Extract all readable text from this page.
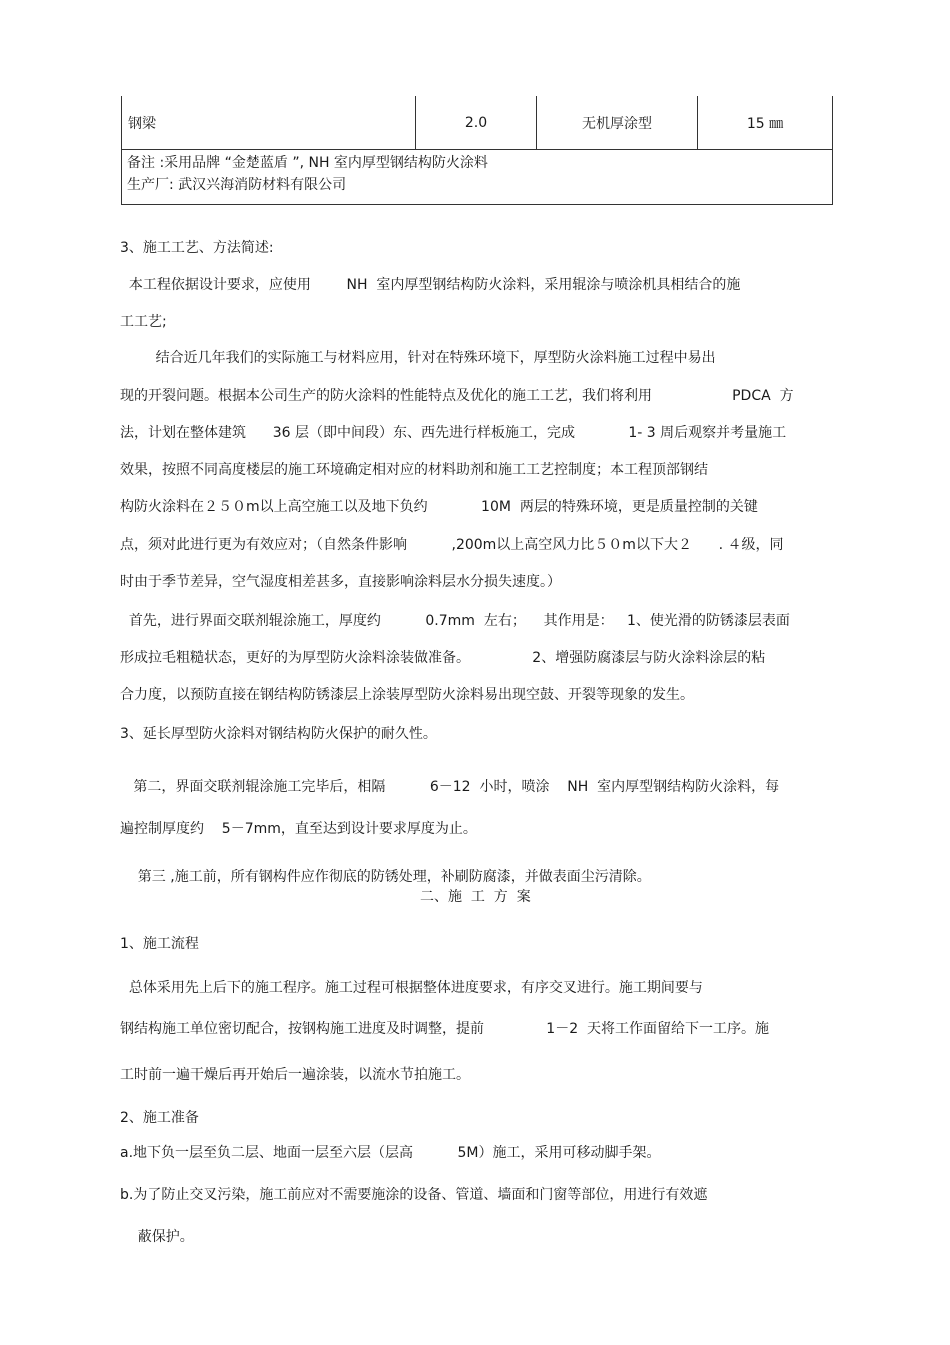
钢梁	2.0	无机厚涂型	15 ㎜

备注 :采用品牌 “金楚蓝盾 ”, NH 室内厚型钢结构防火涂料
生产厂: 武汉兴海消防材料有限公司
3、施工工艺、方法简述:
本工程依据设计要求，应使用        NH  室内厚型钢结构防火涂料，采用辊涂与喷涂机具相结合的施
工工艺;
结合近几年我们的实际施工与材料应用，针对在特殊环境下，厚型防火涂料施工过程中易出
现的开裂问题。根据本公司生产的防火涂料的性能特点及优化的施工工艺，我们将利用                  PDCA  方
法，计划在整体建筑      36 层（即中间段）东、西先进行样板施工，完成            1- 3 周后观察并考量施工
效果，按照不同高度楼层的施工环境确定相对应的材料助剂和施工工艺控制度；本工程顶部钢结
构防火涂料在２５０m以上高空施工以及地下负约            10M  两层的特殊环境，更是质量控制的关键
点，须对此进行更为有效应对；（自然条件影响          ,200m以上高空风力比５０m以下大２      . ４级，同
时由于季节差异，空气湿度相差甚多，直接影响涂料层水分损失速度。）
首先，进行界面交联剂辊涂施工，厚度约          0.7mm  左右；    其作用是：   1、使光滑的防锈漆层表面
形成拉毛粗糙状态，更好的为厚型防火涂料涂装做准备。              2、增强防腐漆层与防火涂料涂层的粘
合力度，以预防直接在钢结构防锈漆层上涂装厚型防火涂料易出现空鼓、开裂等现象的发生。
3、延长厚型防火涂料对钢结构防火保护的耐久性。
第二，界面交联剂辊涂施工完毕后，相隔          6－12  小时，喷涂    NH  室内厚型钢结构防火涂料，每
遍控制厚度约    5－7mm，直至达到设计要求厚度为止。
第三 ,施工前，所有钢构件应作彻底的防锈处理，补刷防腐漆，并做表面尘污清除。
二、施  工  方  案
1、施工流程
总体采用先上后下的施工程序。施工过程可根据整体进度要求，有序交叉进行。施工期间要与
钢结构施工单位密切配合，按钢构施工进度及时调整，提前              1－2  天将工作面留给下一工序。施
工时前一遍干燥后再开始后一遍涂装，以流水节拍施工。
2、施工准备
a.地下负一层至负二层、地面一层至六层（层高          5M）施工，采用可移动脚手架。
b.为了防止交叉污染，施工前应对不需要施涂的设备、管道、墙面和门窗等部位，用进行有效遮
蔽保护。
